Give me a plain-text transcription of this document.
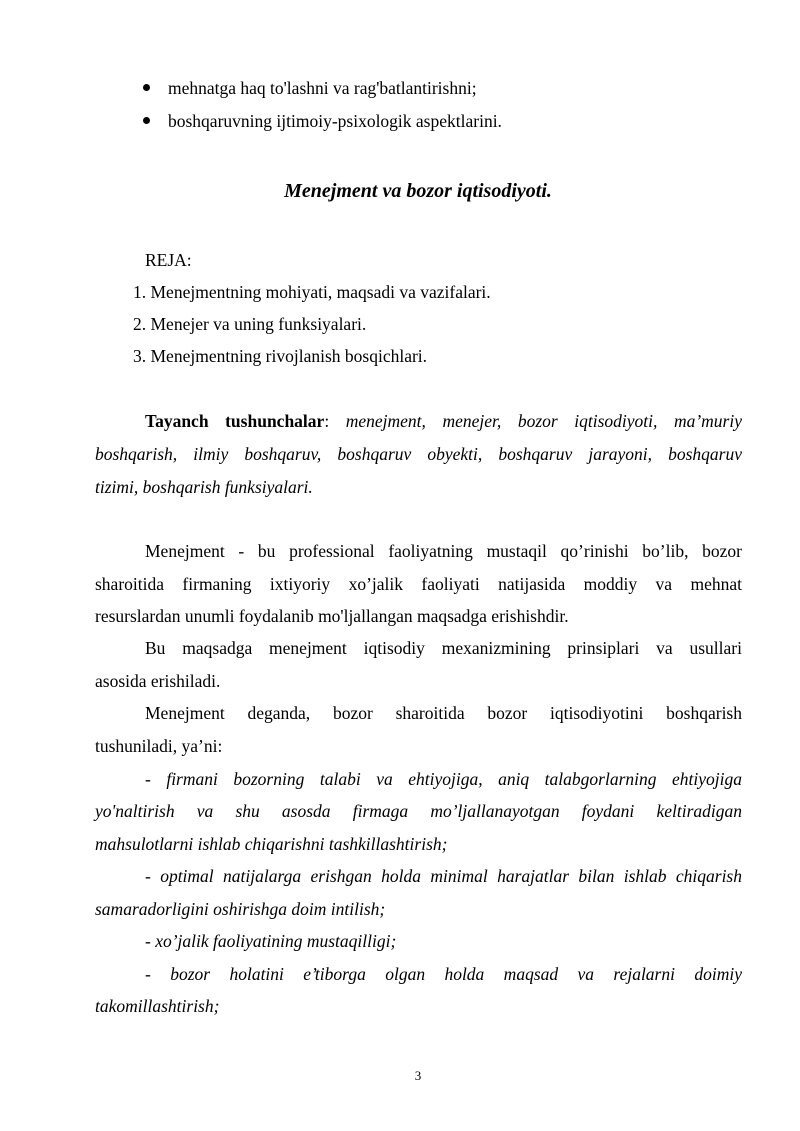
mehnatga haq to'lashni va rag'batlantirishni;
boshqaruvning ijtimoiy-psixologik aspektlarini.
Menejment va bozor iqtisodiyoti.
REJA:
1. Menejmentning mohiyati, maqsadi va vazifalari.
2. Menejer va uning funksiyalari.
3. Menejmentning rivojlanish bosqichlari.
Tayanch tushunchalar: menejment, menejer, bozor iqtisodiyoti, ma’muriy
boshqarish, ilmiy boshqaruv, boshqaruv obyekti, boshqaruv jarayoni, boshqaruv
tizimi, boshqarish funksiyalari.
Menejment - bu professional faoliyatning mustaqil qo’rinishi bo’lib, bozor
sharoitida firmaning ixtiyoriy xo’jalik faoliyati natijasida moddiy va mehnat
resurslardan unumli foydalanib mo'ljallangan maqsadga erishishdir.
Bu maqsadga menejment iqtisodiy mexanizmining prinsiplari va usullari
asosida erishiladi.
Menejment deganda, bozor sharoitida bozor iqtisodiyotini boshqarish
tushuniladi, ya’ni:
- firmani bozorning talabi va ehtiyojiga, aniq talabgorlarning ehtiyojiga
yo'naltirish va shu asosda firmaga mo’ljallanayotgan foydani keltiradigan
mahsulotlarni ishlab chiqarishni tashkillashtirish;
- optimal natijalarga erishgan holda minimal harajatlar bilan ishlab chiqarish
samaradorligini oshirishga doim intilish;
- xo’jalik faoliyatining mustaqilligi;
- bozor holatini e’tiborga olgan holda maqsad va rejalarni doimiy
takomillashtirish;
3
